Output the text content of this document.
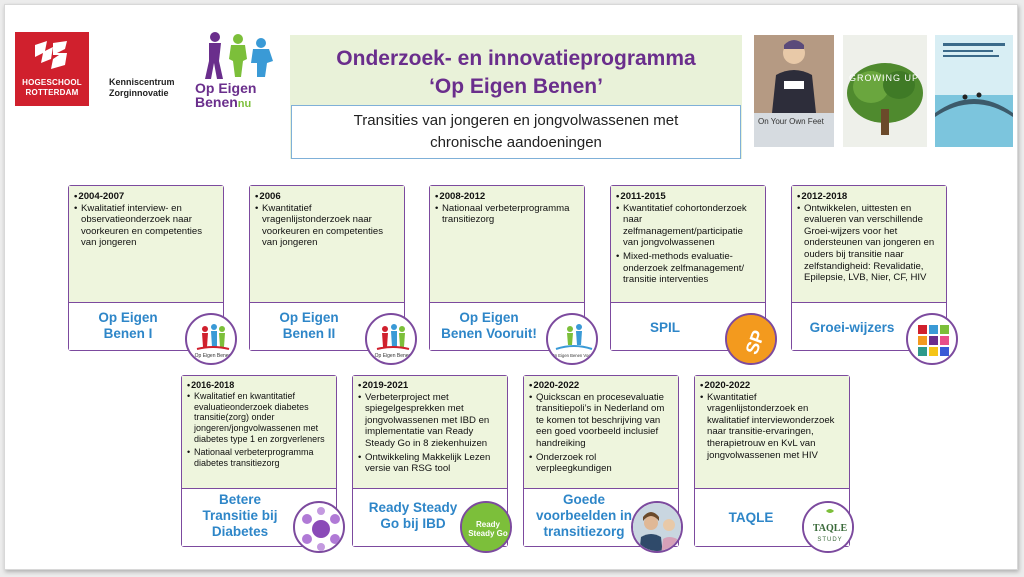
HOGESCHOOL
ROTTERDAM
Kenniscentrum
Zorginnovatie	Op Eigen
Benennu
Onderzoek- en innovatieprogramma
‘Op Eigen Benen’
Transities van jongeren en jongvolwassenen met
chronische aandoeningen
On Your Own Feet
GROWING UP
• 2004-2007
• Kwalitatief interview- en observatieonderzoek naar voorkeuren en competenties van jongeren
Op Eigen
Benen I
Op Eigen Benen
• 2006
• Kwantitatief vragenlijstonderzoek naar voorkeuren en competenties van jongeren
Op Eigen
Benen II
Op Eigen Benen
• 2008-2012
• Nationaal verbeterprogramma transitiezorg
Op Eigen
Benen Vooruit!
Op Eigen Benen Vooruit
• 2011-2015
• Kwantitatief cohortonderzoek naar zelfmanagement/participatie van jongvolwassenen
• Mixed-methods evaluatie-onderzoek zelfmanagement/ transitie interventies
SPIL
SP
• 2012-2018
• Ontwikkelen, uittesten en evalueren van verschillende Groei-wijzers voor het ondersteunen van jongeren en ouders bij transitie naar zelfstandigheid: Revalidatie, Epilepsie, LVB, Nier, CF, HIV
Groei-wijzers
• 2016-2018
• Kwalitatief en kwantitatief evaluatieonderzoek diabetes transitie(zorg) onder jongeren/jongvolwassenen met diabetes type 1 en zorgverleners
• Nationaal verbeterprogramma diabetes transitiezorg
Betere
Transitie bij
Diabetes
• 2019-2021
• Verbeterproject met spiegelgesprekken met jongvolwassenen met IBD en implementatie van Ready Steady Go in 8 ziekenhuizen
• Ontwikkeling Makkelijk Lezen versie van RSG tool
Ready Steady
Go bij IBD	Ready
Steady Go
• 2020-2022
• Quickscan en procesevaluatie transitiepoli’s in Nederland om te komen tot beschrijving van een goed voorbeeld inclusief handreiking
• Onderzoek rol verpleegkundigen
Goede
voorbeelden in
transitiezorg
• 2020-2022
• Kwantitatief vragenlijstonderzoek en kwalitatief interviewonderzoek naar transitie-ervaringen, therapietrouw en KvL van jongvolwassenen met HIV
TAQLE
TAQLE
STUDY
